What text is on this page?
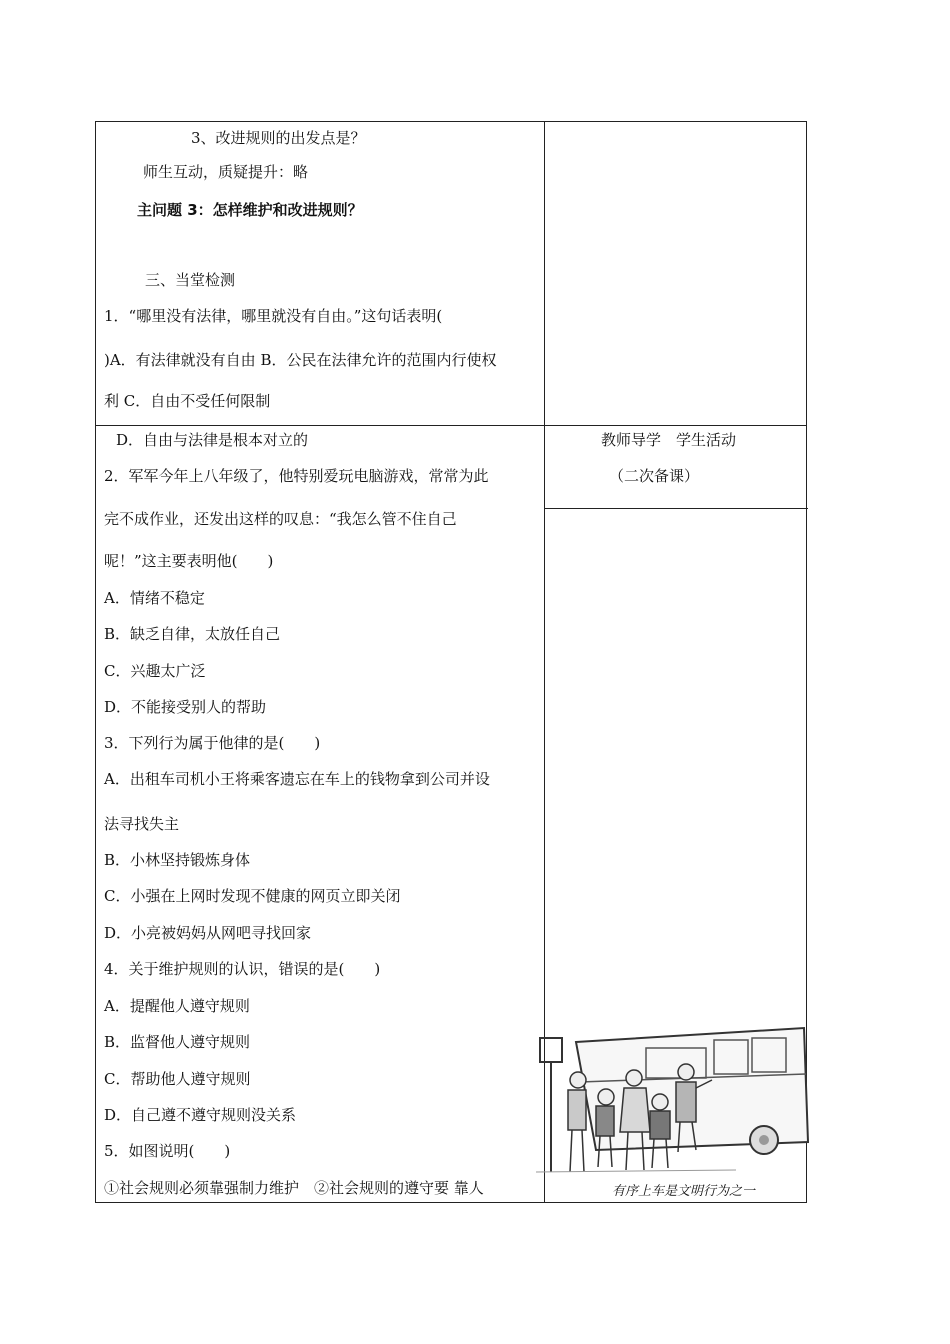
3、改进规则的出发点是？
师生互动，质疑提升：略
主问题 3：怎样维护和改进规则？
三、当堂检测
1．“哪里没有法律，哪里就没有自由。”这句话表明(
)A．有法律就没有自由 B．公民在法律允许的范围内行使权
利 C．自由不受任何限制
D．自由与法律是根本对立的
2．军军今年上八年级了，他特别爱玩电脑游戏，常常为此
完不成作业，还发出这样的叹息：“我怎么管不住自己
呢！”这主要表明他(　　)
A．情绪不稳定
B．缺乏自律，太放任自己
C．兴趣太广泛
D．不能接受别人的帮助
3．下列行为属于他律的是(　　)
A．出租车司机小王将乘客遗忘在车上的钱物拿到公司并设
法寻找失主
B．小林坚持锻炼身体
C．小强在上网时发现不健康的网页立即关闭
D．小亮被妈妈从网吧寻找回家
4．关于维护规则的认识，错误的是(　　)
A．提醒他人遵守规则
B．监督他人遵守规则
C．帮助他人遵守规则
D．自己遵不遵守规则没关系
5．如图说明(　　)
①社会规则必须靠强制力维护　②社会规则的遵守要 靠人
教师导学　学生活动
（二次备课）
有序上车是文明行为之一
